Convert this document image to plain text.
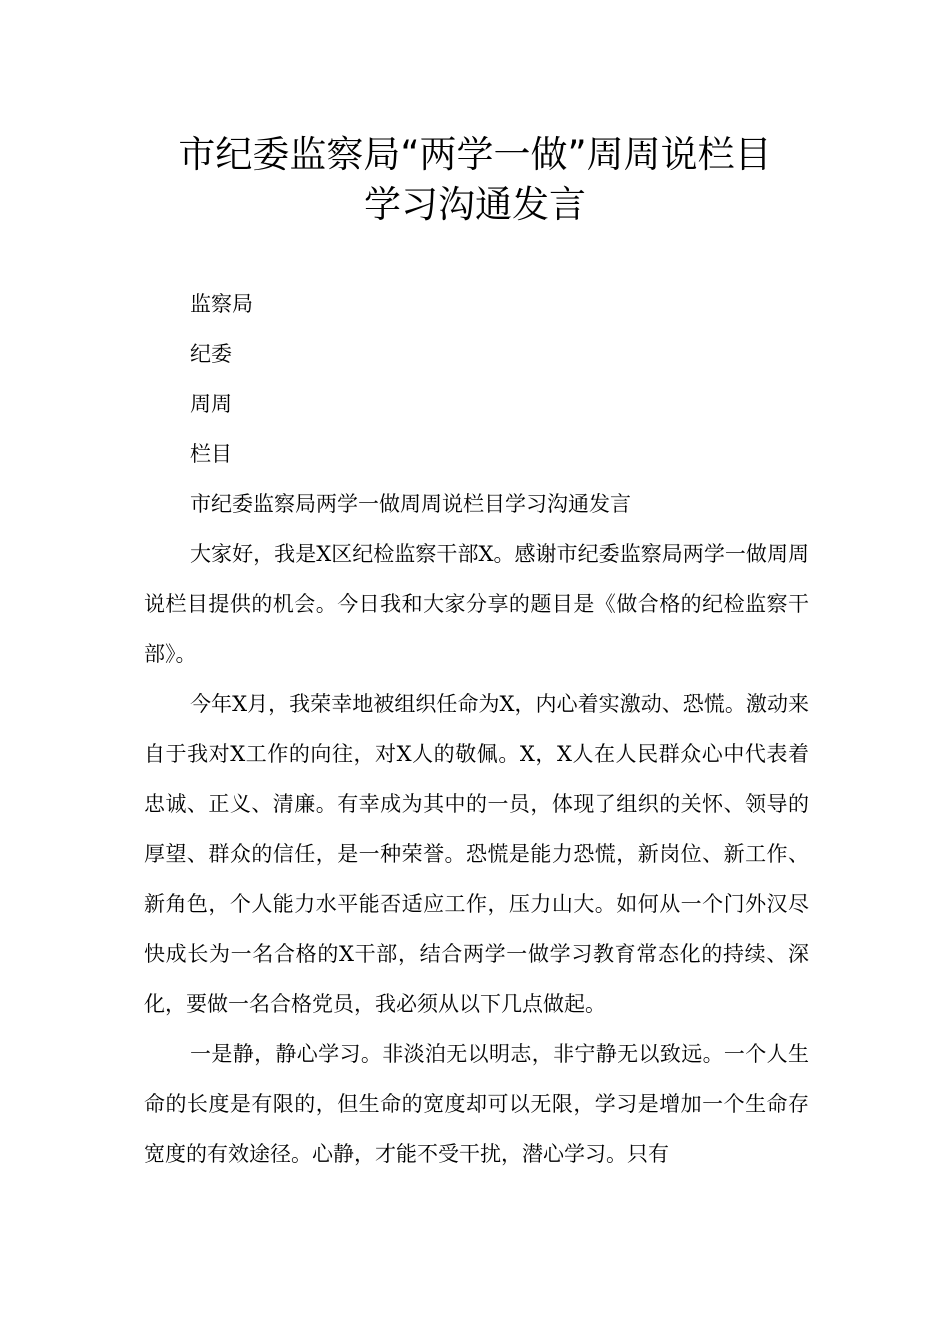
市纪委监察局“两学一做”周周说栏目
学习沟通发言

监察局

纪委

周周

栏目

市纪委监察局两学一做周周说栏目学习沟通发言

大家好，我是X区纪检监察干部X。感谢市纪委监察局两学一做周周说栏目提供的机会。今日我和大家分享的题目是《做合格的纪检监察干部》。

今年X月，我荣幸地被组织任命为X，内心着实激动、恐慌。激动来自于我对X工作的向往，对X人的敬佩。X，X人在人民群众心中代表着忠诚、正义、清廉。有幸成为其中的一员，体现了组织的关怀、领导的厚望、群众的信任，是一种荣誉。恐慌是能力恐慌，新岗位、新工作、新角色，个人能力水平能否适应工作，压力山大。如何从一个门外汉尽快成长为一名合格的X干部，结合两学一做学习教育常态化的持续、深化，要做一名合格党员，我必须从以下几点做起。

一是静，静心学习。非淡泊无以明志，非宁静无以致远。一个人生命的长度是有限的，但生命的宽度却可以无限，学习是增加一个生命存宽度的有效途径。心静，才能不受干扰，潜心学习。只有
